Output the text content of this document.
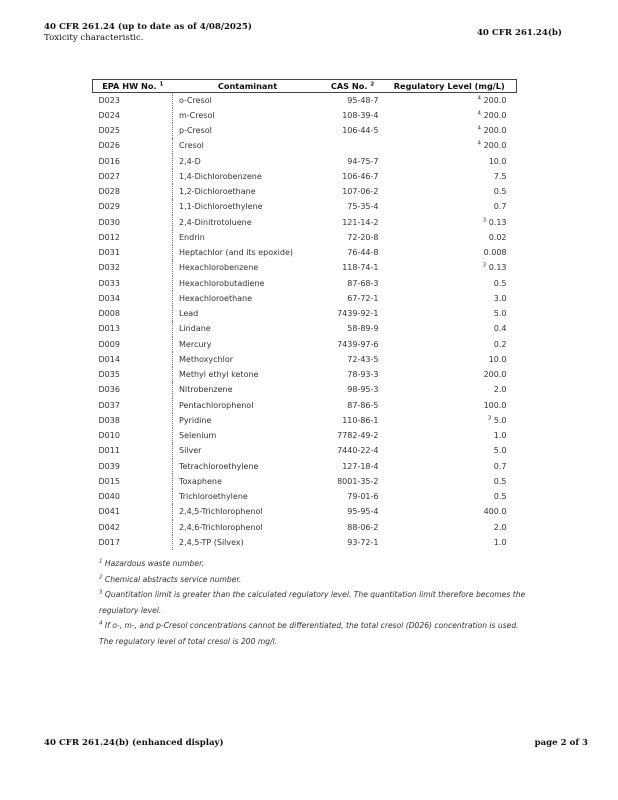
40 CFR 261.24 (up to date as of 4/08/2025)
Toxicity characteristic.	40 CFR 261.24(b)
EPA HW No. $^1$	Contaminant	CAS No. $^2$	Regulatory Level (mg/L)
D023	o-Cresol	95-48-7	$^4$ 200.0
D024	m-Cresol	108-39-4	$^4$ 200.0
D025	p-Cresol	106-44-5	$^4$ 200.0
D026	Cresol		$^4$ 200.0
D016	2,4-D	94-75-7	10.0
D027	1,4-Dichlorobenzene	106-46-7	7.5
D028	1,2-Dichloroethane	107-06-2	0.5
D029	1,1-Dichloroethylene	75-35-4	0.7
D030	2,4-Dinitrotoluene	121-14-2	$^3$ 0.13
D012	Endrin	72-20-8	0.02
D031	Heptachlor (and its epoxide)	76-44-8	0.008
D032	Hexachlorobenzene	118-74-1	$^3$ 0.13
D033	Hexachlorobutadiene	87-68-3	0.5
D034	Hexachloroethane	67-72-1	3.0
D008	Lead	7439-92-1	5.0
D013	Lindane	58-89-9	0.4
D009	Mercury	7439-97-6	0.2
D014	Methoxychlor	72-43-5	10.0
D035	Methyl ethyl ketone	78-93-3	200.0
D036	Nitrobenzene	98-95-3	2.0
D037	Pentachlorophenol	87-86-5	100.0
D038	Pyridine	110-86-1	$^3$ 5.0
D010	Selenium	7782-49-2	1.0
D011	Silver	7440-22-4	5.0
D039	Tetrachloroethylene	127-18-4	0.7
D015	Toxaphene	8001-35-2	0.5
D040	Trichloroethylene	79-01-6	0.5
D041	2,4,5-Trichlorophenol	95-95-4	400.0
D042	2,4,6-Trichlorophenol	88-06-2	2.0
D017	2,4,5-TP (Silvex)	93-72-1	1.0

$^1$ Hazardous waste number.

$^2$ Chemical abstracts service number.

$^3$ Quantitation limit is greater than the calculated regulatory level. The quantitation limit therefore becomes the regulatory level.

$^4$ If o-, m-, and p-Cresol concentrations cannot be differentiated, the total cresol (D026) concentration is used. The regulatory level of total cresol is 200 mg/l.

40 CFR 261.24(b) (enhanced display)	page 2 of 3
